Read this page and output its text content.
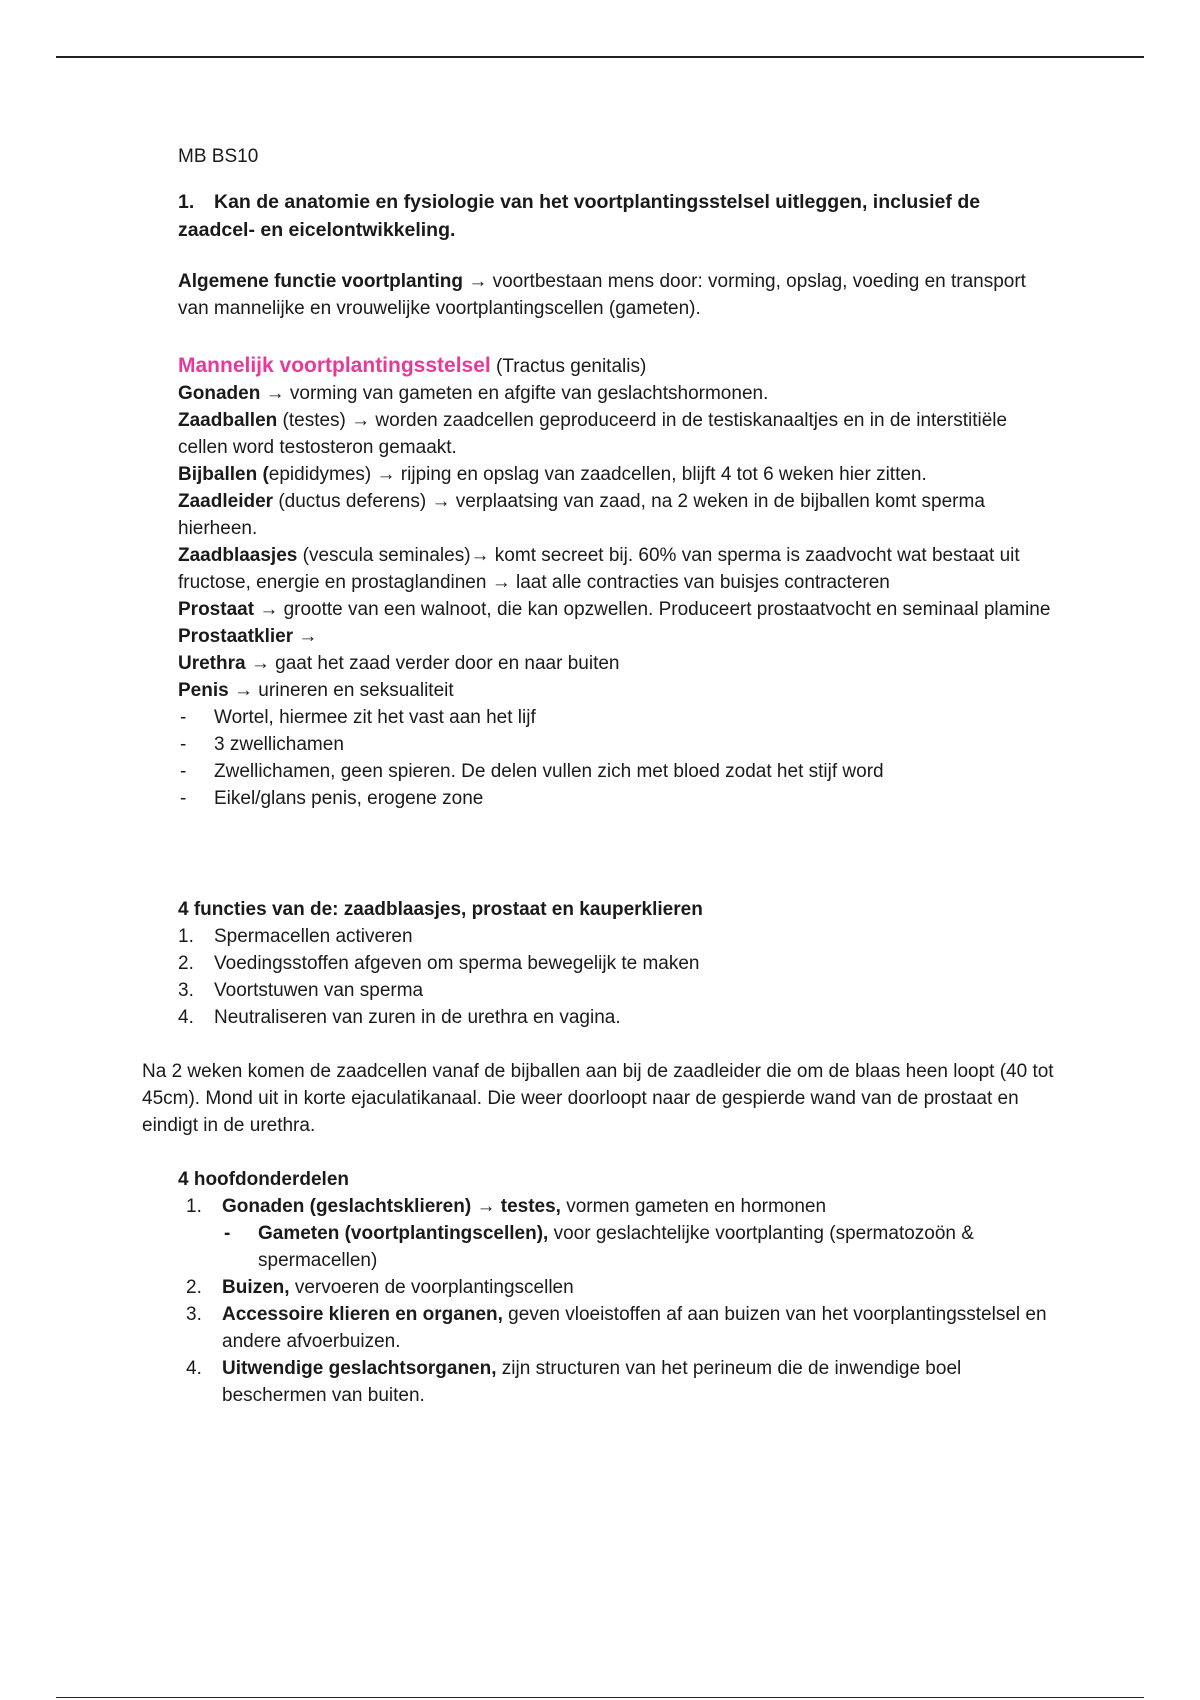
MB BS10
1. Kan de anatomie en fysiologie van het voortplantingsstelsel uitleggen, inclusief de zaadcel- en eicelontwikkeling.
Algemene functie voortplanting → voortbestaan mens door: vorming, opslag, voeding en transport van mannelijke en vrouwelijke voortplantingscellen (gameten).
Mannelijk voortplantingsstelsel (Tractus genitalis)
Gonaden → vorming van gameten en afgifte van geslachtshormonen.
Zaadballen (testes) → worden zaadcellen geproduceerd in de testiskanaaltjes en in de interstitiële cellen word testosteron gemaakt.
Bijballen (epididymes) → rijping en opslag van zaadcellen, blijft 4 tot 6 weken hier zitten.
Zaadleider (ductus deferens) → verplaatsing van zaad, na 2 weken in de bijballen komt sperma hierheen.
Zaadblaasjes (vescula seminales)→ komt secreet bij. 60% van sperma is zaadvocht wat bestaat uit fructose, energie en prostaglandinen → laat alle contracties van buisjes contracteren
Prostaat → grootte van een walnoot, die kan opzwellen. Produceert prostaatvocht en seminaal plamine
Prostaatklier →
Urethra → gaat het zaad verder door en naar buiten
Penis → urineren en seksualiteit
- Wortel, hiermee zit het vast aan het lijf
- 3 zwellichamen
- Zwellichamen, geen spieren. De delen vullen zich met bloed zodat het stijf word
- Eikel/glans penis, erogene zone
4 functies van de: zaadblaasjes, prostaat en kauperklieren
1. Spermacellen activeren
2. Voedingsstoffen afgeven om sperma bewegelijk te maken
3. Voortstuwen van sperma
4. Neutraliseren van zuren in de urethra en vagina.
Na 2 weken komen de zaadcellen vanaf de bijballen aan bij de zaadleider die om de blaas heen loopt (40 tot 45cm). Mond uit in korte ejaculatikanaal. Die weer doorloopt naar de gespierde wand van de prostaat en eindigt in de urethra.
4 hoofdonderdelen
1. Gonaden (geslachtsklieren) → testes, vormen gameten en hormonen
- Gameten (voortplantingscellen), voor geslachtelijke voortplanting (spermatozoön & spermacellen)
2. Buizen, vervoeren de voorplantingscellen
3. Accessoire klieren en organen, geven vloeistoffen af aan buizen van het voorplantingsstelsel en andere afvoerbuizen.
4. Uitwendige geslachtsorganen, zijn structuren van het perineum die de inwendige boel beschermen van buiten.
